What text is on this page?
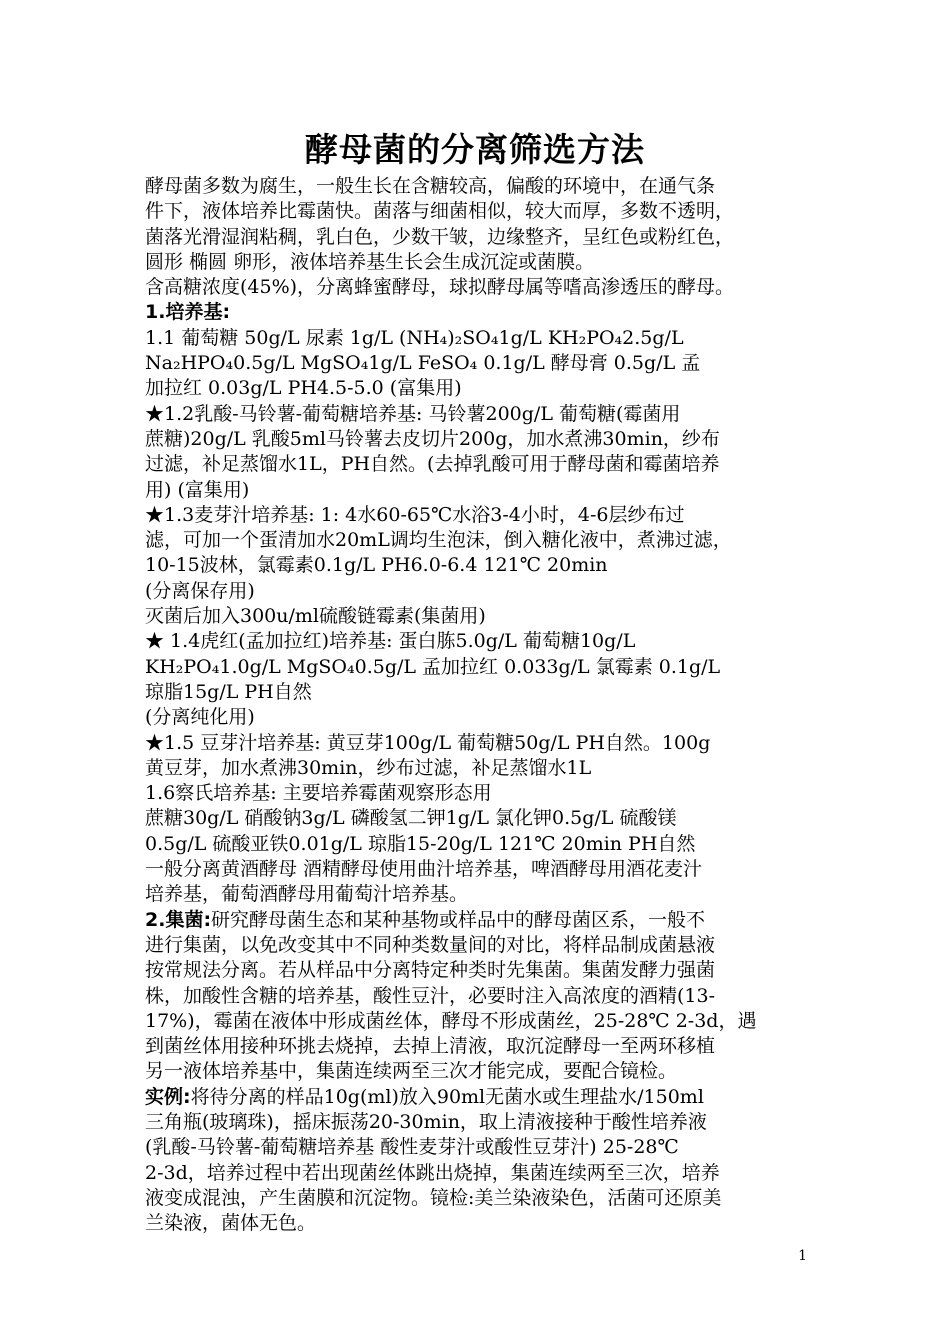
酵母菌的分离筛选方法
酵母菌多数为腐生，一般生长在含糖较高，偏酸的环境中，在通气条
件下，液体培养比霉菌快。菌落与细菌相似，较大而厚，多数不透明，
菌落光滑湿润粘稠，乳白色，少数干皱，边缘整齐，呈红色或粉红色，
圆形 椭圆 卵形，液体培养基生长会生成沉淀或菌膜。
含高糖浓度(45%)，分离蜂蜜酵母，球拟酵母属等嗜高渗透压的酵母。
1.培养基:
1.1 葡萄糖 50g/L 尿素 1g/L (NH₄)₂SO₄1g/L KH₂PO₄2.5g/L
Na₂HPO₄0.5g/L MgSO₄1g/L FeSO₄ 0.1g/L 酵母膏 0.5g/L 孟
加拉红 0.03g/L PH4.5-5.0 (富集用)
★1.2乳酸-马铃薯-葡萄糖培养基: 马铃薯200g/L 葡萄糖(霉菌用
蔗糖)20g/L 乳酸5ml马铃薯去皮切片200g，加水煮沸30min，纱布
过滤，补足蒸馏水1L，PH自然。(去掉乳酸可用于酵母菌和霉菌培养
用) (富集用)
★1.3麦芽汁培养基: 1: 4水60-65℃水浴3-4小时，4-6层纱布过
滤，可加一个蛋清加水20mL调均生泡沫，倒入糖化液中，煮沸过滤，
10-15波林，氯霉素0.1g/L PH6.0-6.4 121℃ 20min
(分离保存用)
灭菌后加入300u/ml硫酸链霉素(集菌用)
★ 1.4虎红(孟加拉红)培养基: 蛋白胨5.0g/L 葡萄糖10g/L
KH₂PO₄1.0g/L MgSO₄0.5g/L 孟加拉红 0.033g/L 氯霉素 0.1g/L
琼脂15g/L PH自然
(分离纯化用)
★1.5 豆芽汁培养基: 黄豆芽100g/L 葡萄糖50g/L PH自然。100g
黄豆芽，加水煮沸30min，纱布过滤，补足蒸馏水1L
1.6察氏培养基: 主要培养霉菌观察形态用
蔗糖30g/L 硝酸钠3g/L 磷酸氢二钾1g/L 氯化钾0.5g/L 硫酸镁
0.5g/L 硫酸亚铁0.01g/L 琼脂15-20g/L 121℃ 20min PH自然
一般分离黄酒酵母 酒精酵母使用曲汁培养基，啤酒酵母用酒花麦汁
培养基，葡萄酒酵母用葡萄汁培养基。
2.集菌:研究酵母菌生态和某种基物或样品中的酵母菌区系，一般不
进行集菌，以免改变其中不同种类数量间的对比，将样品制成菌悬液
按常规法分离。若从样品中分离特定种类时先集菌。集菌发酵力强菌
株，加酸性含糖的培养基，酸性豆汁，必要时注入高浓度的酒精(13-
17%)，霉菌在液体中形成菌丝体，酵母不形成菌丝，25-28℃ 2-3d，遇
到菌丝体用接种环挑去烧掉，去掉上清液，取沉淀酵母一至两环移植
另一液体培养基中，集菌连续两至三次才能完成，要配合镜检。
实例:将待分离的样品10g(ml)放入90ml无菌水或生理盐水/150ml
三角瓶(玻璃珠)，摇床振荡20-30min，取上清液接种于酸性培养液
(乳酸-马铃薯-葡萄糖培养基 酸性麦芽汁或酸性豆芽汁) 25-28℃
2-3d，培养过程中若出现菌丝体跳出烧掉，集菌连续两至三次，培养
液变成混浊，产生菌膜和沉淀物。镜检:美兰染液染色，活菌可还原美
兰染液，菌体无色。
1
